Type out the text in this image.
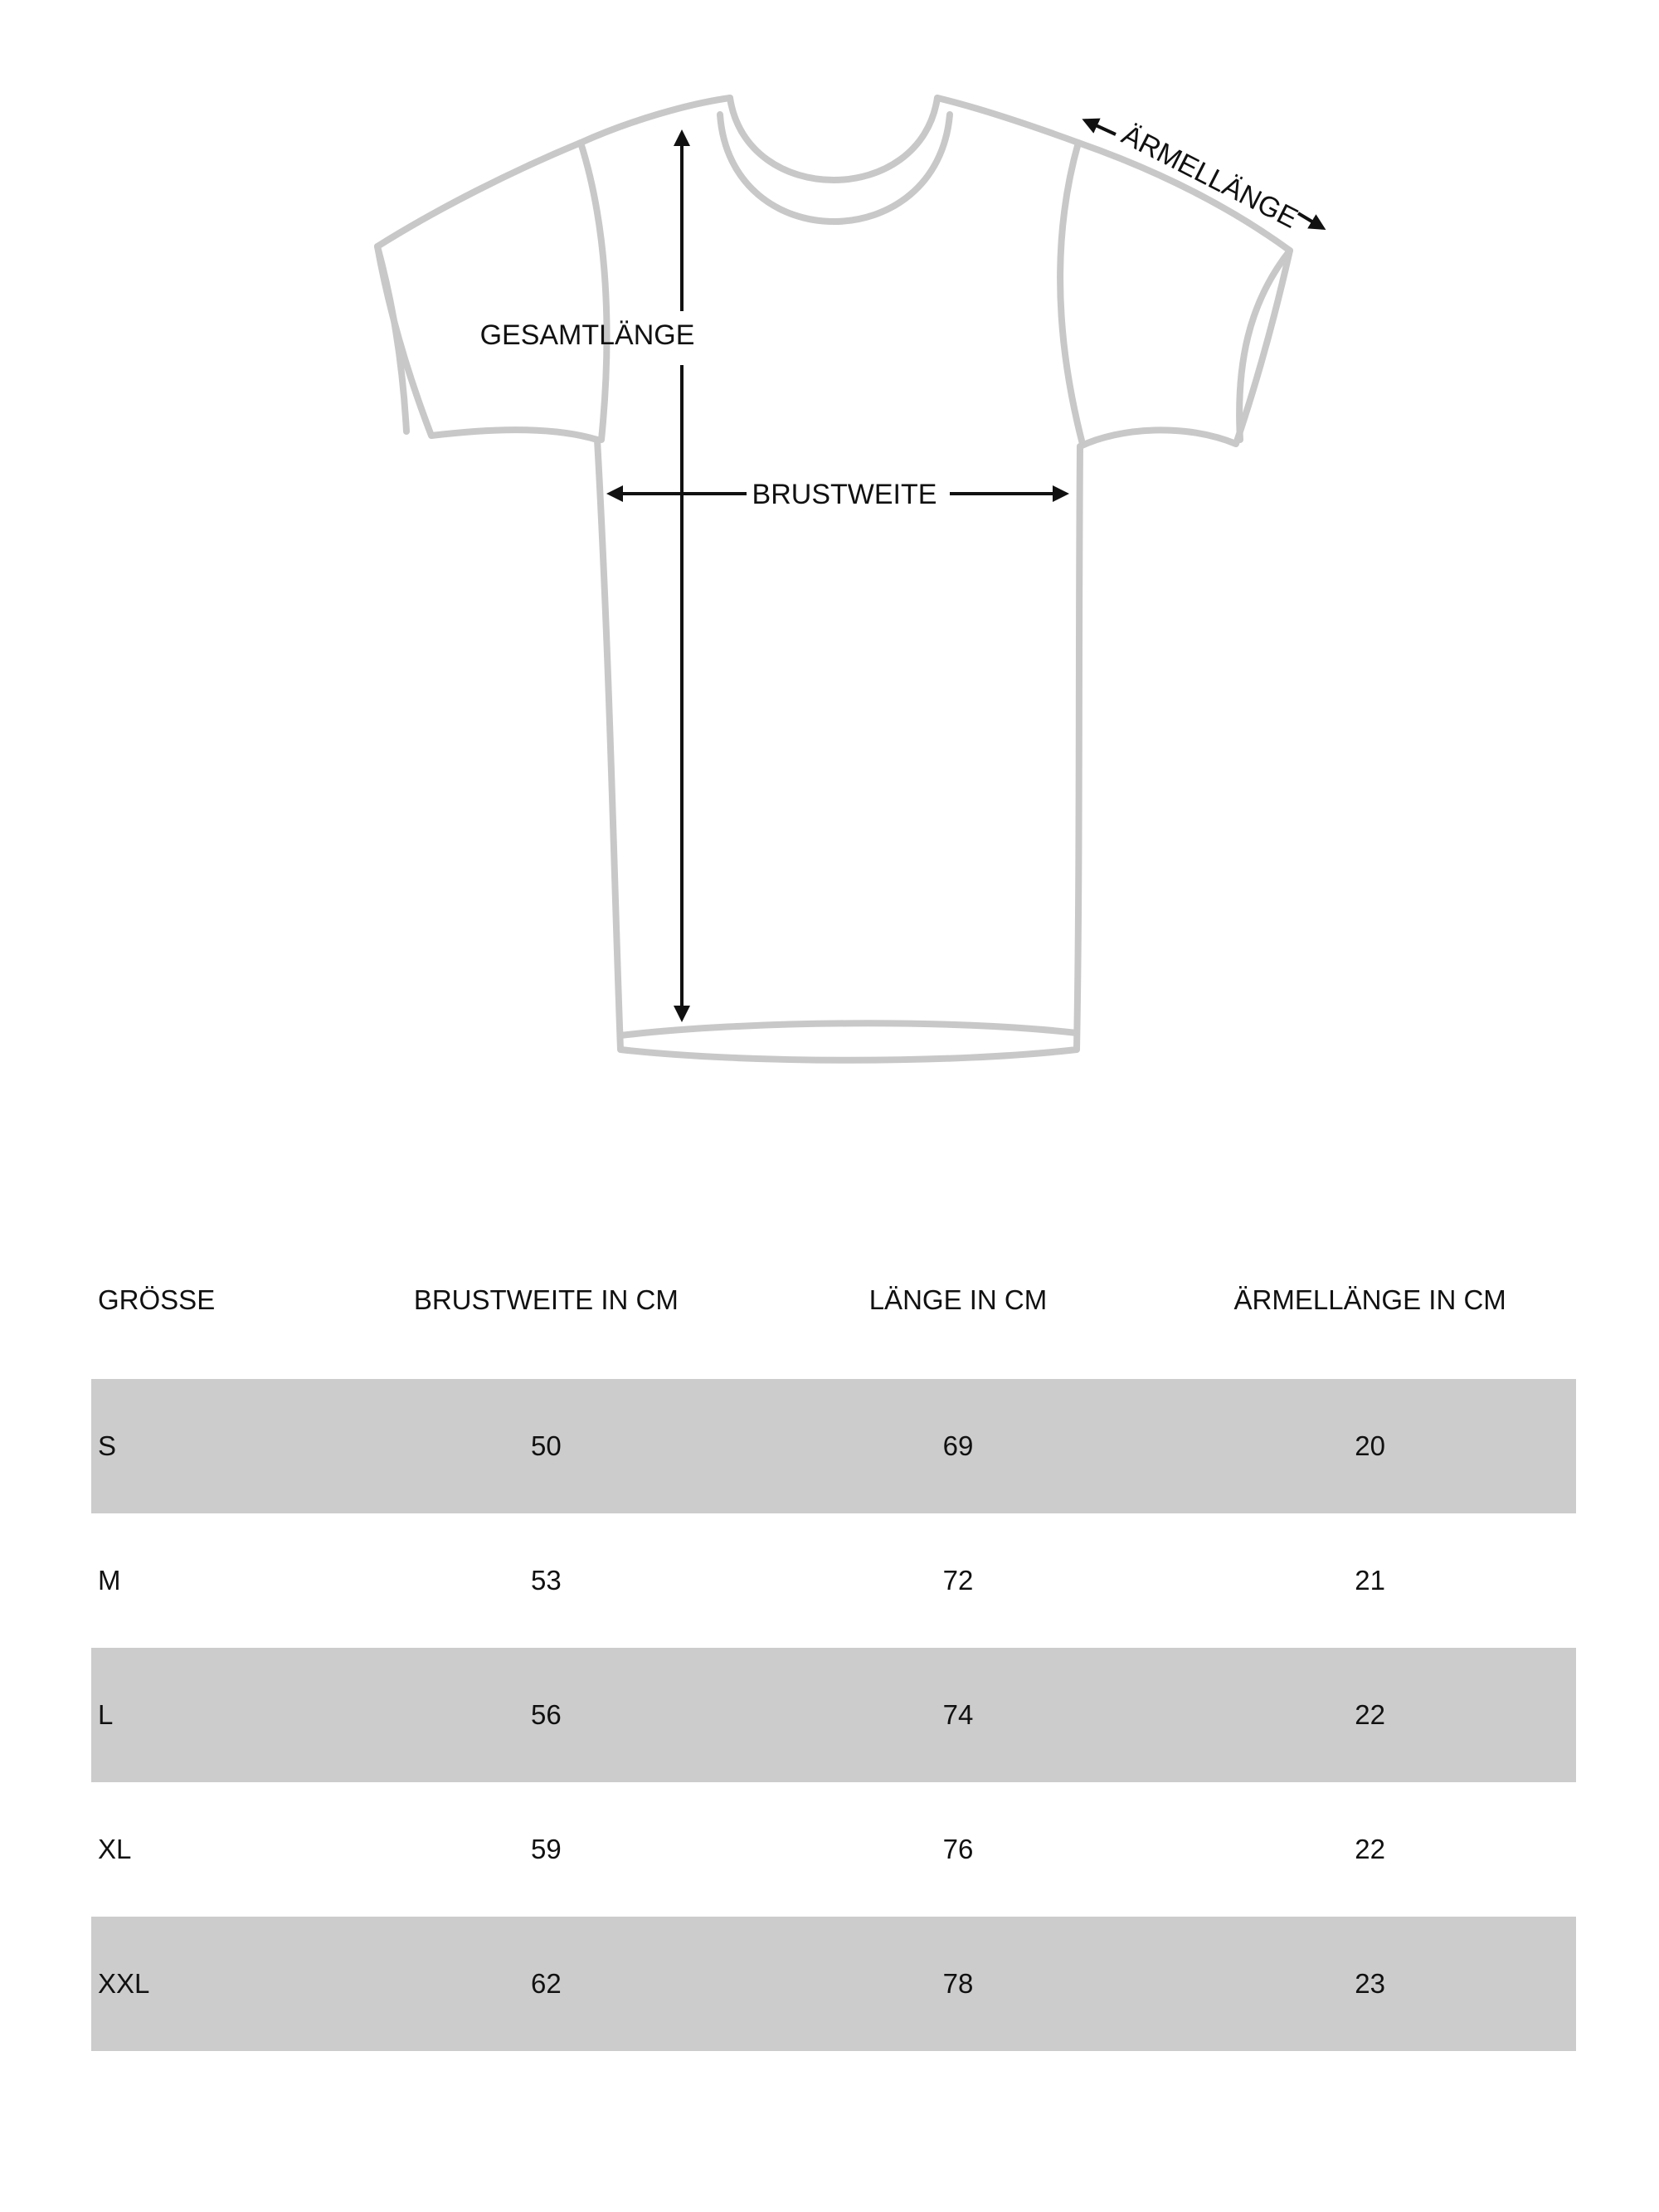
GESAMTLÄNGE
BRUSTWEITE
ÄRMELLÄNGE
GRÖSSE	BRUSTWEITE IN CM	LÄNGE IN CM	ÄRMELLÄNGE IN CM
S	50	69	20
M	53	72	21
L	56	74	22
XL	59	76	22
XXL	62	78	23
